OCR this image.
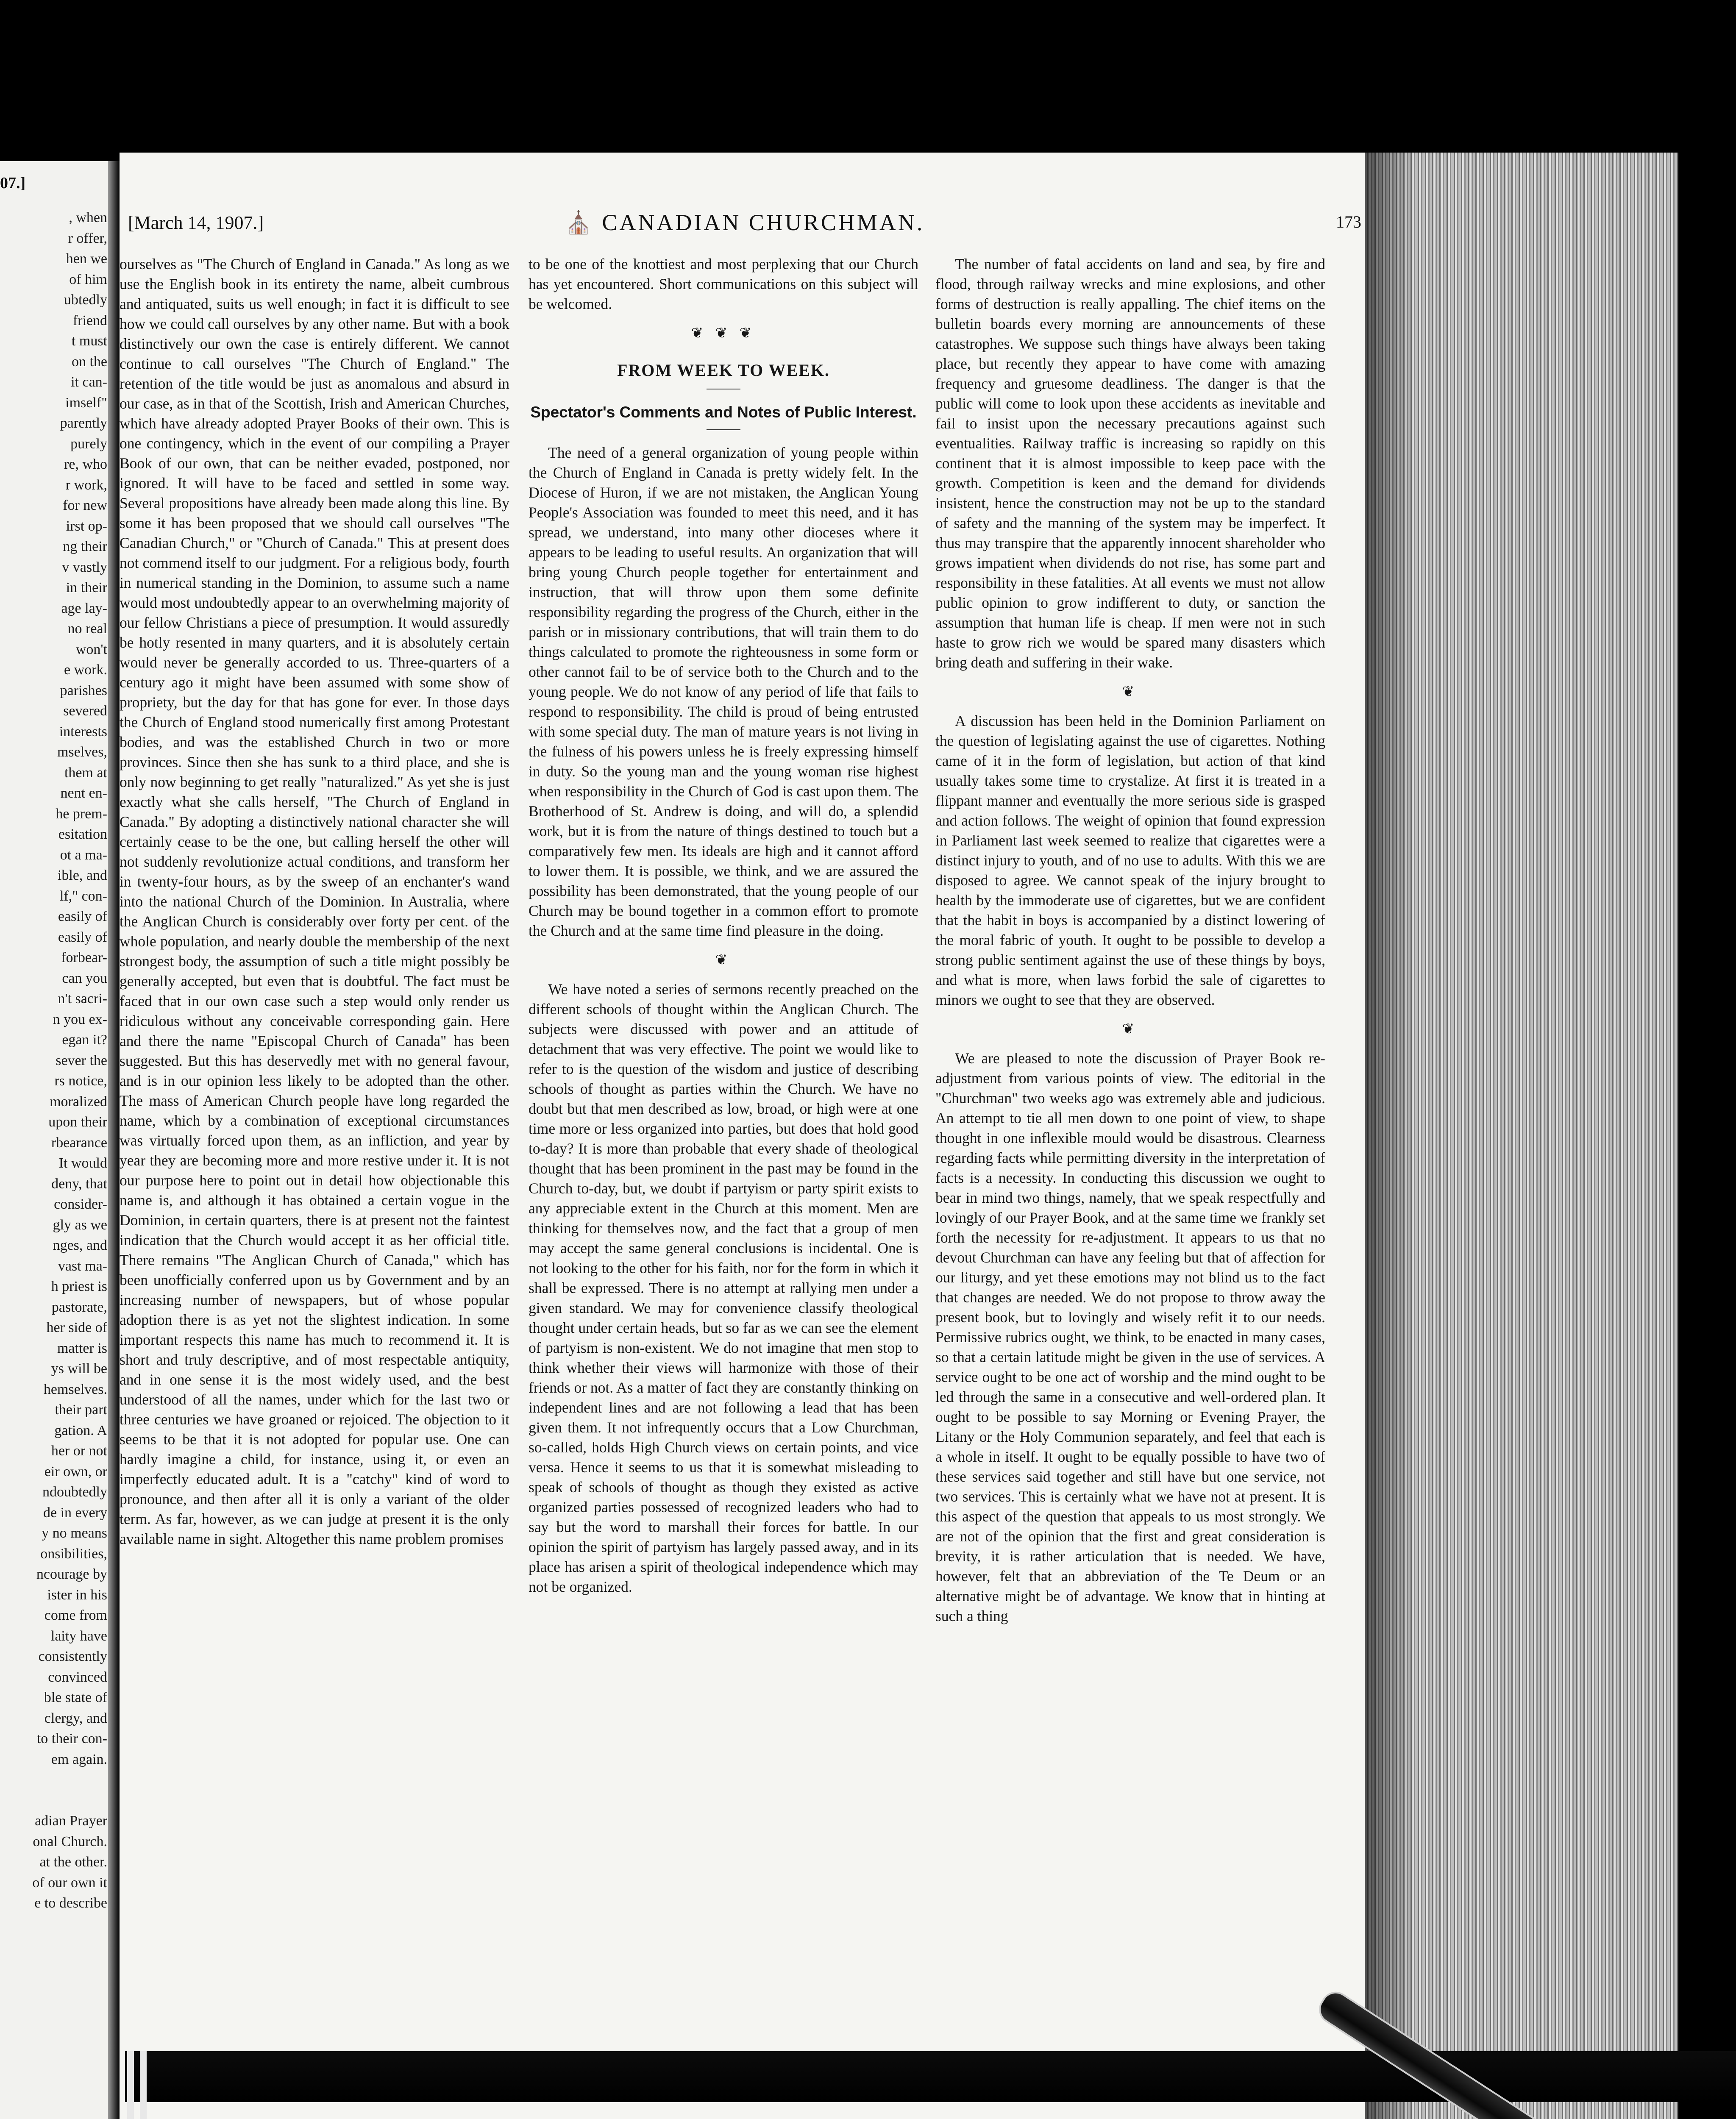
07.]
, when
r offer,
hen we
of him
ubtedly
friend
t must
on the
it can-
imself"
parently
purely
re, who
r work,
for new
irst op-
ng their
v vastly
in their
age lay-
no real
won't
e work.
parishes
severed
interests
mselves,
them at
nent en-
he prem-
esitation
ot a ma-
ible, and
lf," con-
easily of
easily of
forbear-
can you
n't sacri-
n you ex-
egan it?
sever the
rs notice,
moralized
upon their
rbearance
It would
deny, that
consider-
gly as we
nges, and
vast ma-
h priest is
pastorate,
her side of
matter is
ys will be
hemselves.
their part
gation. A
her or not
eir own, or
ndoubtedly
de in every
y no means
onsibilities,
ncourage by
ister in his
come from
laity have
consistently
convinced
ble state of
clergy, and
to their con-
em again.

adian Prayer
onal Church.
at the other.
of our own it
e to describe
[March 14, 1907.]	⛪ CANADIAN CHURCHMAN.	173

ourselves as "The Church of England in Canada." As long as we use the English book in its entirety the name, albeit cumbrous and antiquated, suits us well enough; in fact it is difficult to see how we could call ourselves by any other name. But with a book distinctively our own the case is entirely different. We cannot continue to call ourselves "The Church of England." The retention of the title would be just as anomalous and absurd in our case, as in that of the Scottish, Irish and American Churches, which have already adopted Prayer Books of their own. This is one contingency, which in the event of our compiling a Prayer Book of our own, that can be neither evaded, postponed, nor ignored. It will have to be faced and settled in some way. Several propositions have already been made along this line. By some it has been proposed that we should call ourselves "The Canadian Church," or "Church of Canada." This at present does not commend itself to our judgment. For a religious body, fourth in numerical standing in the Dominion, to assume such a name would most undoubtedly appear to an overwhelming majority of our fellow Christians a piece of presumption. It would assuredly be hotly resented in many quarters, and it is absolutely certain would never be generally accorded to us. Three-quarters of a century ago it might have been assumed with some show of propriety, but the day for that has gone for ever. In those days the Church of England stood numerically first among Protestant bodies, and was the established Church in two or more provinces. Since then she has sunk to a third place, and she is only now beginning to get really "naturalized." As yet she is just exactly what she calls herself, "The Church of England in Canada." By adopting a distinctively national character she will certainly cease to be the one, but calling herself the other will not suddenly revolutionize actual conditions, and transform her in twenty-four hours, as by the sweep of an enchanter's wand into the national Church of the Dominion. In Australia, where the Anglican Church is considerably over forty per cent. of the whole population, and nearly double the membership of the next strongest body, the assumption of such a title might possibly be generally accepted, but even that is doubtful. The fact must be faced that in our own case such a step would only render us ridiculous without any conceivable corresponding gain. Here and there the name "Episcopal Church of Canada" has been suggested. But this has deservedly met with no general favour, and is in our opinion less likely to be adopted than the other. The mass of American Church people have long regarded the name, which by a combination of exceptional circumstances was virtually forced upon them, as an infliction, and year by year they are becoming more and more restive under it. It is not our purpose here to point out in detail how objectionable this name is, and although it has obtained a certain vogue in the Dominion, in certain quarters, there is at present not the faintest indication that the Church would accept it as her official title. There remains "The Anglican Church of Canada," which has been unofficially conferred upon us by Government and by an increasing number of newspapers, but of whose popular adoption there is as yet not the slightest indication. In some important respects this name has much to recommend it. It is short and truly descriptive, and of most respectable antiquity, and in one sense it is the most widely used, and the best understood of all the names, under which for the last two or three centuries we have groaned or rejoiced. The objection to it seems to be that it is not adopted for popular use. One can hardly imagine a child, for instance, using it, or even an imperfectly educated adult. It is a "catchy" kind of word to pronounce, and then after all it is only a variant of the older term. As far, however, as we can judge at present it is the only available name in sight. Altogether this name problem promises

to be one of the knottiest and most perplexing that our Church has yet encountered. Short communications on this subject will be welcomed.

❦ ❦ ❦
FROM WEEK TO WEEK.
Spectator's Comments and Notes of Public Interest.

The need of a general organization of young people within the Church of England in Canada is pretty widely felt. In the Diocese of Huron, if we are not mistaken, the Anglican Young People's Association was founded to meet this need, and it has spread, we understand, into many other dioceses where it appears to be leading to useful results. An organization that will bring young Church people together for entertainment and instruction, that will throw upon them some definite responsibility regarding the progress of the Church, either in the parish or in missionary contributions, that will train them to do things calculated to promote the righteousness in some form or other cannot fail to be of service both to the Church and to the young people. We do not know of any period of life that fails to respond to responsibility. The child is proud of being entrusted with some special duty. The man of mature years is not living in the fulness of his powers unless he is freely expressing himself in duty. So the young man and the young woman rise highest when responsibility in the Church of God is cast upon them. The Brotherhood of St. Andrew is doing, and will do, a splendid work, but it is from the nature of things destined to touch but a comparatively few men. Its ideals are high and it cannot afford to lower them. It is possible, we think, and we are assured the possibility has been demonstrated, that the young people of our Church may be bound together in a common effort to promote the Church and at the same time find pleasure in the doing.

❦

We have noted a series of sermons recently preached on the different schools of thought within the Anglican Church. The subjects were discussed with power and an attitude of detachment that was very effective. The point we would like to refer to is the question of the wisdom and justice of describing schools of thought as parties within the Church. We have no doubt but that men described as low, broad, or high were at one time more or less organized into parties, but does that hold good to-day? It is more than probable that every shade of theological thought that has been prominent in the past may be found in the Church to-day, but, we doubt if partyism or party spirit exists to any appreciable extent in the Church at this moment. Men are thinking for themselves now, and the fact that a group of men may accept the same general conclusions is incidental. One is not looking to the other for his faith, nor for the form in which it shall be expressed. There is no attempt at rallying men under a given standard. We may for convenience classify theological thought under certain heads, but so far as we can see the element of partyism is non-existent. We do not imagine that men stop to think whether their views will harmonize with those of their friends or not. As a matter of fact they are constantly thinking on independent lines and are not following a lead that has been given them. It not infrequently occurs that a Low Churchman, so-called, holds High Church views on certain points, and vice versa. Hence it seems to us that it is somewhat misleading to speak of schools of thought as though they existed as active organized parties possessed of recognized leaders who had to say but the word to marshall their forces for battle. In our opinion the spirit of partyism has largely passed away, and in its place has arisen a spirit of theological independence which may not be organized.

The number of fatal accidents on land and sea, by fire and flood, through railway wrecks and mine explosions, and other forms of destruction is really appalling. The chief items on the bulletin boards every morning are announcements of these catastrophes. We suppose such things have always been taking place, but recently they appear to have come with amazing frequency and gruesome deadliness. The danger is that the public will come to look upon these accidents as inevitable and fail to insist upon the necessary precautions against such eventualities. Railway traffic is increasing so rapidly on this continent that it is almost impossible to keep pace with the growth. Competition is keen and the demand for dividends insistent, hence the construction may not be up to the standard of safety and the manning of the system may be imperfect. It thus may transpire that the apparently innocent shareholder who grows impatient when dividends do not rise, has some part and responsibility in these fatalities. At all events we must not allow public opinion to grow indifferent to duty, or sanction the assumption that human life is cheap. If men were not in such haste to grow rich we would be spared many disasters which bring death and suffering in their wake.

❦

A discussion has been held in the Dominion Parliament on the question of legislating against the use of cigarettes. Nothing came of it in the form of legislation, but action of that kind usually takes some time to crystalize. At first it is treated in a flippant manner and eventually the more serious side is grasped and action follows. The weight of opinion that found expression in Parliament last week seemed to realize that cigarettes were a distinct injury to youth, and of no use to adults. With this we are disposed to agree. We cannot speak of the injury brought to health by the immoderate use of cigarettes, but we are confident that the habit in boys is accompanied by a distinct lowering of the moral fabric of youth. It ought to be possible to develop a strong public sentiment against the use of these things by boys, and what is more, when laws forbid the sale of cigarettes to minors we ought to see that they are observed.

❦

We are pleased to note the discussion of Prayer Book re-adjustment from various points of view. The editorial in the "Churchman" two weeks ago was extremely able and judicious. An attempt to tie all men down to one point of view, to shape thought in one inflexible mould would be disastrous. Clearness regarding facts while permitting diversity in the interpretation of facts is a necessity. In conducting this discussion we ought to bear in mind two things, namely, that we speak respectfully and lovingly of our Prayer Book, and at the same time we frankly set forth the necessity for re-adjustment. It appears to us that no devout Churchman can have any feeling but that of affection for our liturgy, and yet these emotions may not blind us to the fact that changes are needed. We do not propose to throw away the present book, but to lovingly and wisely refit it to our needs. Permissive rubrics ought, we think, to be enacted in many cases, so that a certain latitude might be given in the use of services. A service ought to be one act of worship and the mind ought to be led through the same in a consecutive and well-ordered plan. It ought to be possible to say Morning or Evening Prayer, the Litany or the Holy Communion separately, and feel that each is a whole in itself. It ought to be equally possible to have two of these services said together and still have but one service, not two services. This is certainly what we have not at present. It is this aspect of the question that appeals to us most strongly. We are not of the opinion that the first and great consideration is brevity, it is rather articulation that is needed. We have, however, felt that an abbreviation of the Te Deum or an alternative might be of advantage. We know that in hinting at such a thing
